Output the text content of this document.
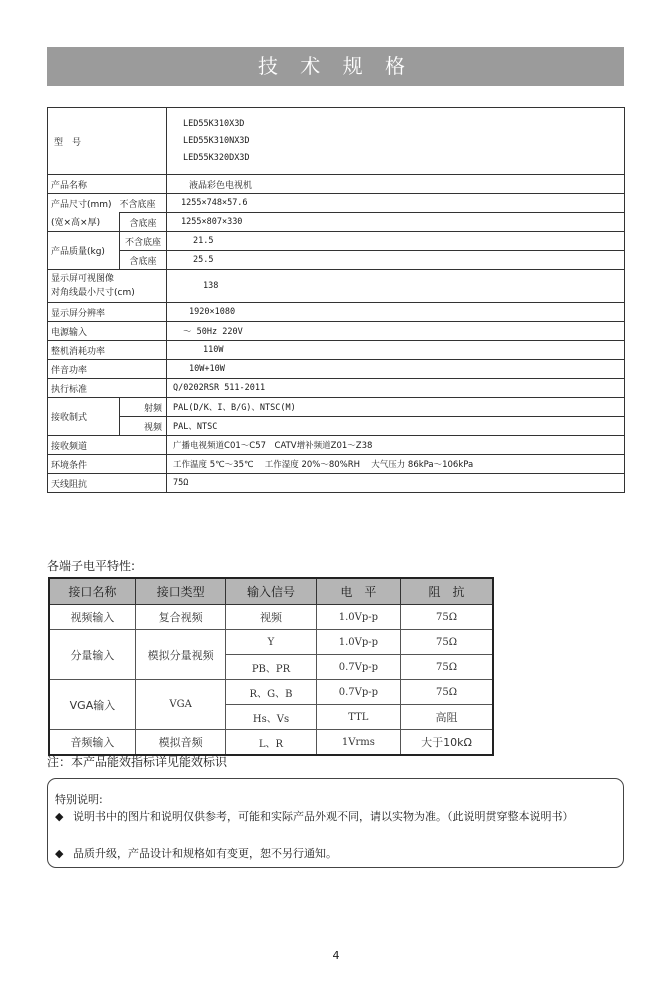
技 术 规 格
型　号		LED55K310X3D
LED55K310NX3D
LED55K320DX3D

产品名称		液晶彩色电视机
产品尺寸(mm)	不含底座	1255×748×57.6
(宽×高×厚)	含底座	1255×807×330
产品质量(kg)	不含底座	21.5
	含底座	25.5
显示屏可视图像
对角线最小尺寸(cm)		138
显示屏分辨率		1920×1080
电源输入		～ 50Hz 220V
整机消耗功率		110W
伴音功率		10W+10W
执行标准		Q/0202RSR 511-2011
接收制式	射频	PAL(D/K、I、B/G)、NTSC(M)
	视频	PAL、NTSC
接收频道		广播电视频道C01～C57　CATV增补频道Z01～Z38
环境条件		工作温度 5℃～35℃　 工作湿度 20%～80%RH　 大气压力 86kPa～106kPa
天线阻抗		75Ω
各端子电平特性:
接口名称	接口类型	输入信号	电　平	阻　抗
视频输入	复合视频	视频	1.0Vp-p	75Ω
分量输入	模拟分量视频	Y	1.0Vp-p	75Ω
		PB、PR	0.7Vp-p	75Ω
VGA输入	VGA	R、G、B	0.7Vp-p	75Ω
		Hs、Vs	TTL	高阻
音频输入	模拟音频	L、R	1Vrms	大于10kΩ
注：本产品能效指标详见能效标识
特别说明:
◆ 说明书中的图片和说明仅供参考，可能和实际产品外观不同，请以实物为准。（此说明贯穿整本说明书）
◆ 品质升级，产品设计和规格如有变更，恕不另行通知。
4
